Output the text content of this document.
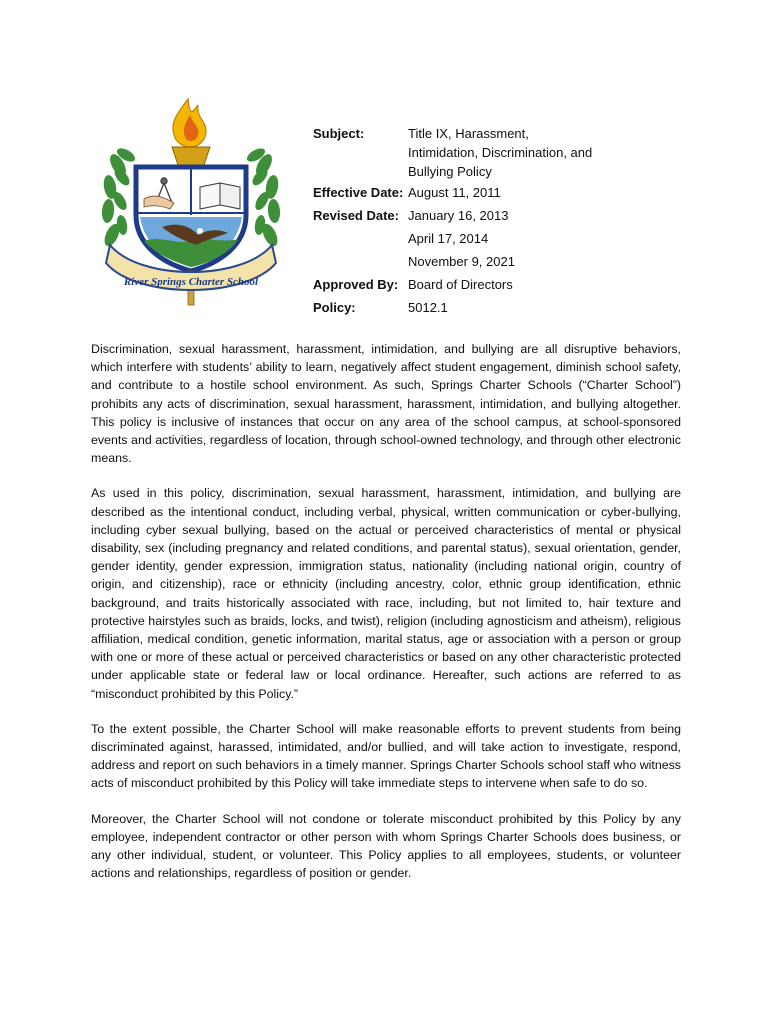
River Springs Charter School
Subject:	Title IX, Harassment,
Intimidation, Discrimination, and
Bullying Policy
Effective Date: August 11, 2011
Revised Date: January 16, 2013
April 17, 2014
November 9, 2021
Approved By: Board of Directors
Policy:	5012.1

Discrimination, sexual harassment, harassment, intimidation, and bullying are all disruptive behaviors, which interfere with students’ ability to learn, negatively affect student engagement, diminish school safety, and contribute to a hostile school environment. As such, Springs Charter Schools (“Charter School”) prohibits any acts of discrimination, sexual harassment, harassment, intimidation, and bullying altogether. This policy is inclusive of instances that occur on any area of the school campus, at school-sponsored events and activities, regardless of location, through school-owned technology, and through other electronic means.

As used in this policy, discrimination, sexual harassment, harassment, intimidation, and bullying are described as the intentional conduct, including verbal, physical, written communication or cyber-bullying, including cyber sexual bullying, based on the actual or perceived characteristics of mental or physical disability, sex (including pregnancy and related conditions, and parental status), sexual orientation, gender, gender identity, gender expression, immigration status, nationality (including national origin, country of origin, and citizenship), race or ethnicity (including ancestry, color, ethnic group identification, ethnic background, and traits historically associated with race, including, but not limited to, hair texture and protective hairstyles such as braids, locks, and twist), religion (including agnosticism and atheism), religious affiliation, medical condition, genetic information, marital status, age or association with a person or group with one or more of these actual or perceived characteristics or based on any other characteristic protected under applicable state or federal law or local ordinance. Hereafter, such actions are referred to as “misconduct prohibited by this Policy.”

To the extent possible, the Charter School will make reasonable efforts to prevent students from being discriminated against, harassed, intimidated, and/or bullied, and will take action to investigate, respond, address and report on such behaviors in a timely manner. Springs Charter Schools school staff who witness acts of misconduct prohibited by this Policy will take immediate steps to intervene when safe to do so.

Moreover, the Charter School will not condone or tolerate misconduct prohibited by this Policy by any employee, independent contractor or other person with whom Springs Charter Schools does business, or any other individual, student, or volunteer. This Policy applies to all employees, students, or volunteer actions and relationships, regardless of position or gender.
